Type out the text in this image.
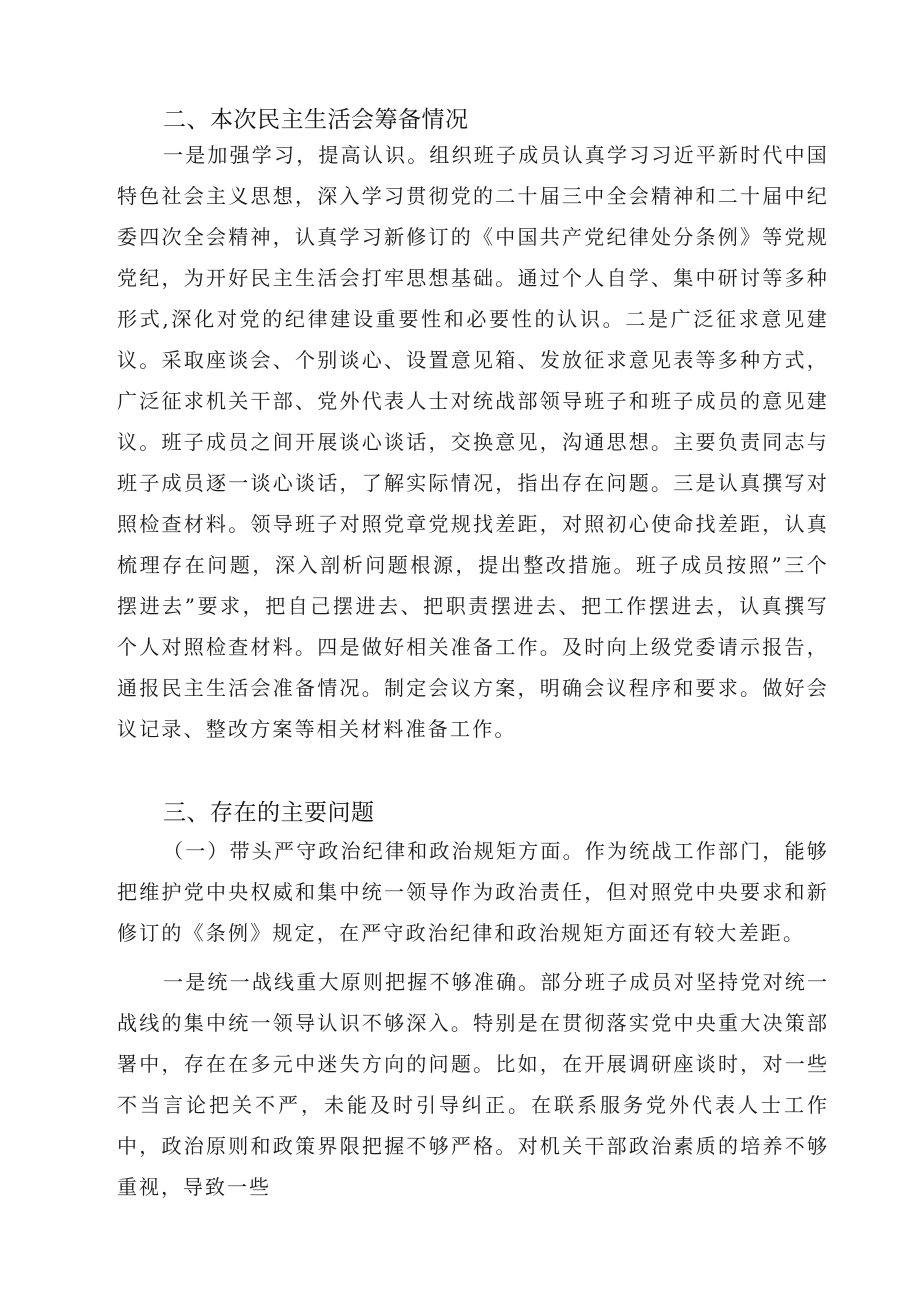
二、本次民主生活会筹备情况

一是加强学习，提高认识。组织班子成员认真学习习近平新时代中国特色社会主义思想，深入学习贯彻党的二十届三中全会精神和二十届中纪委四次全会精神，认真学习新修订的《中国共产党纪律处分条例》等党规党纪，为开好民主生活会打牢思想基础。通过个人自学、集中研讨等多种形式,深化对党的纪律建设重要性和必要性的认识。二是广泛征求意见建议。采取座谈会、个别谈心、设置意见箱、发放征求意见表等多种方式，广泛征求机关干部、党外代表人士对统战部领导班子和班子成员的意见建议。班子成员之间开展谈心谈话，交换意见，沟通思想。主要负责同志与班子成员逐一谈心谈话，了解实际情况，指出存在问题。三是认真撰写对照检查材料。领导班子对照党章党规找差距，对照初心使命找差距，认真梳理存在问题，深入剖析问题根源，提出整改措施。班子成员按照”三个摆进去”要求，把自己摆进去、把职责摆进去、把工作摆进去，认真撰写个人对照检查材料。四是做好相关准备工作。及时向上级党委请示报告，通报民主生活会准备情况。制定会议方案，明确会议程序和要求。做好会议记录、整改方案等相关材料准备工作。

三、存在的主要问题

（一）带头严守政治纪律和政治规矩方面。作为统战工作部门，能够把维护党中央权威和集中统一领导作为政治责任，但对照党中央要求和新修订的《条例》规定，在严守政治纪律和政治规矩方面还有较大差距。

一是统一战线重大原则把握不够准确。部分班子成员对坚持党对统一战线的集中统一领导认识不够深入。特别是在贯彻落实党中央重大决策部署中，存在在多元中迷失方向的问题。比如，在开展调研座谈时，对一些不当言论把关不严，未能及时引导纠正。在联系服务党外代表人士工作中，政治原则和政策界限把握不够严格。对机关干部政治素质的培养不够重视，导致一些
